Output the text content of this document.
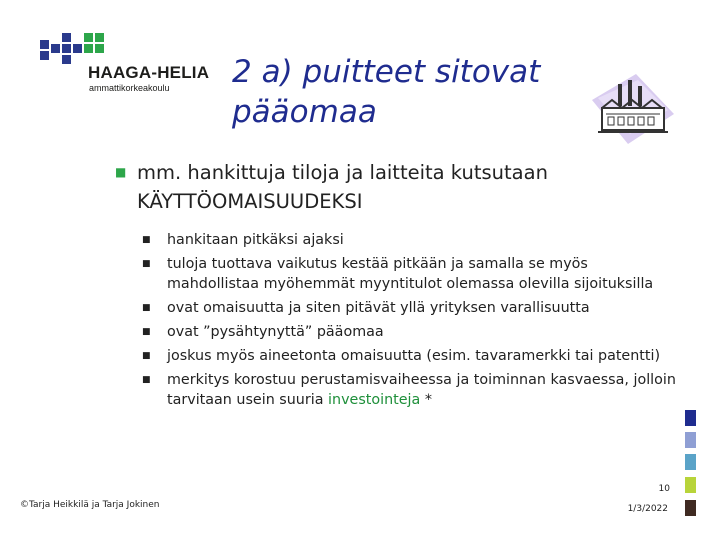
HAAGA-HELIA
ammattikorkeakoulu 2 a) puitteet sitovat pääomaa
■ mm. hankittuja tiloja ja laitteita kutsutaan KÄYTTÖOMAISUUDEKSI
■ hankitaan pitkäksi ajaksi
■ tuloja tuottava vaikutus kestää pitkään ja samalla se myös mahdollistaa myöhemmät myyntitulot olemassa olevilla sijoituksilla
■ ovat omaisuutta ja siten pitävät yllä yrityksen varallisuutta
■ ovat ”pysähtynyttä” pääomaa
■ joskus myös aineetonta omaisuutta (esim. tavaramerkki tai patentti)
■ merkitys korostuu perustamisvaiheessa ja toiminnan kasvaessa, jolloin tarvitaan usein suuria investointeja *
10
©Tarja Heikkilä ja Tarja Jokinen	1/3/2022
